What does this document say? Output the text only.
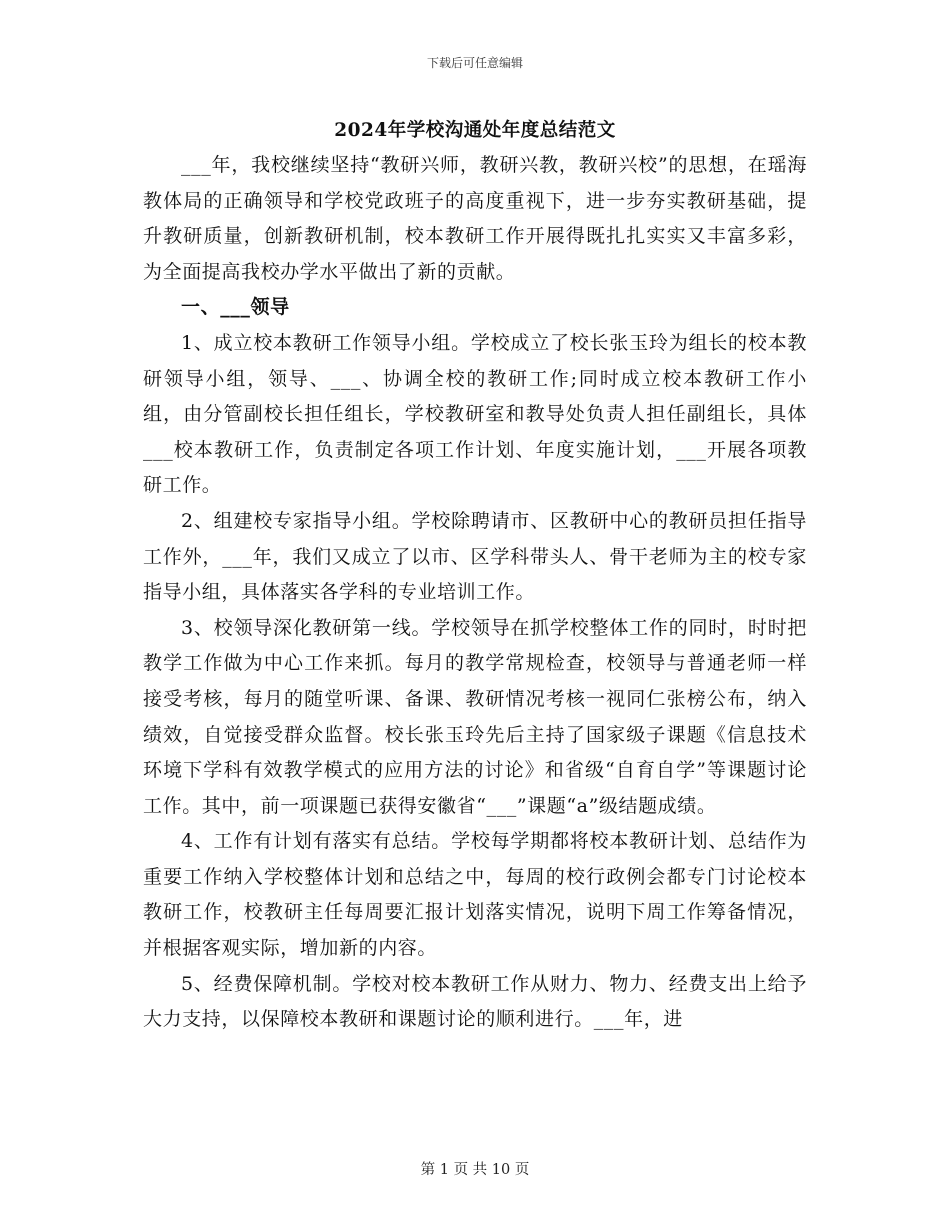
下载后可任意编辑
2024年学校沟通处年度总结范文

___年，我校继续坚持“教研兴师，教研兴教，教研兴校”的思想，在瑶海教体局的正确领导和学校党政班子的高度重视下，进一步夯实教研基础，提升教研质量，创新教研机制，校本教研工作开展得既扎扎实实又丰富多彩，为全面提高我校办学水平做出了新的贡献。

一、___领导

1、成立校本教研工作领导小组。学校成立了校长张玉玲为组长的校本教研领导小组，领导、___、协调全校的教研工作;同时成立校本教研工作小组，由分管副校长担任组长，学校教研室和教导处负责人担任副组长，具体___校本教研工作，负责制定各项工作计划、年度实施计划，___开展各项教研工作。

2、组建校专家指导小组。学校除聘请市、区教研中心的教研员担任指导工作外，___年，我们又成立了以市、区学科带头人、骨干老师为主的校专家指导小组，具体落实各学科的专业培训工作。

3、校领导深化教研第一线。学校领导在抓学校整体工作的同时，时时把教学工作做为中心工作来抓。每月的教学常规检查，校领导与普通老师一样接受考核，每月的随堂听课、备课、教研情况考核一视同仁张榜公布，纳入绩效，自觉接受群众监督。校长张玉玲先后主持了国家级子课题《信息技术环境下学科有效教学模式的应用方法的讨论》和省级“自育自学”等课题讨论工作。其中，前一项课题已获得安徽省“___”课题“a”级结题成绩。

4、工作有计划有落实有总结。学校每学期都将校本教研计划、总结作为重要工作纳入学校整体计划和总结之中，每周的校行政例会都专门讨论校本教研工作，校教研主任每周要汇报计划落实情况，说明下周工作筹备情况，并根据客观实际，增加新的内容。

5、经费保障机制。学校对校本教研工作从财力、物力、经费支出上给予大力支持，以保障校本教研和课题讨论的顺利进行。___年，进

第 1 页 共 10 页
